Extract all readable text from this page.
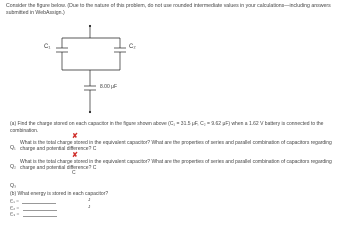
Consider the figure below. (Due to the nature of this problem, do not use rounded intermediate values in your calculations—including answers submitted in WebAssign.)
C₁	C₂
8.00 μF
(a) Find the charge stored on each capacitor in the figure shown above (C₁ = 31.5 μF, C₂ = 9.62 μF) when a 1.62 V battery is connected to the combination.
Q₁
✘
What is the total charge stored in the equivalent capacitor? What are the properties of series and parallel combination of capacitors regarding charge and potential difference? C
Q₂
✘
What is the total charge stored in the equivalent capacitor? What are the properties of series and parallel combination of capacitors regarding charge and potential difference? C
Q₃
C
(b) What energy is stored in each capacitor?
E₁ =	J
E₂ =	J
E₃ =
